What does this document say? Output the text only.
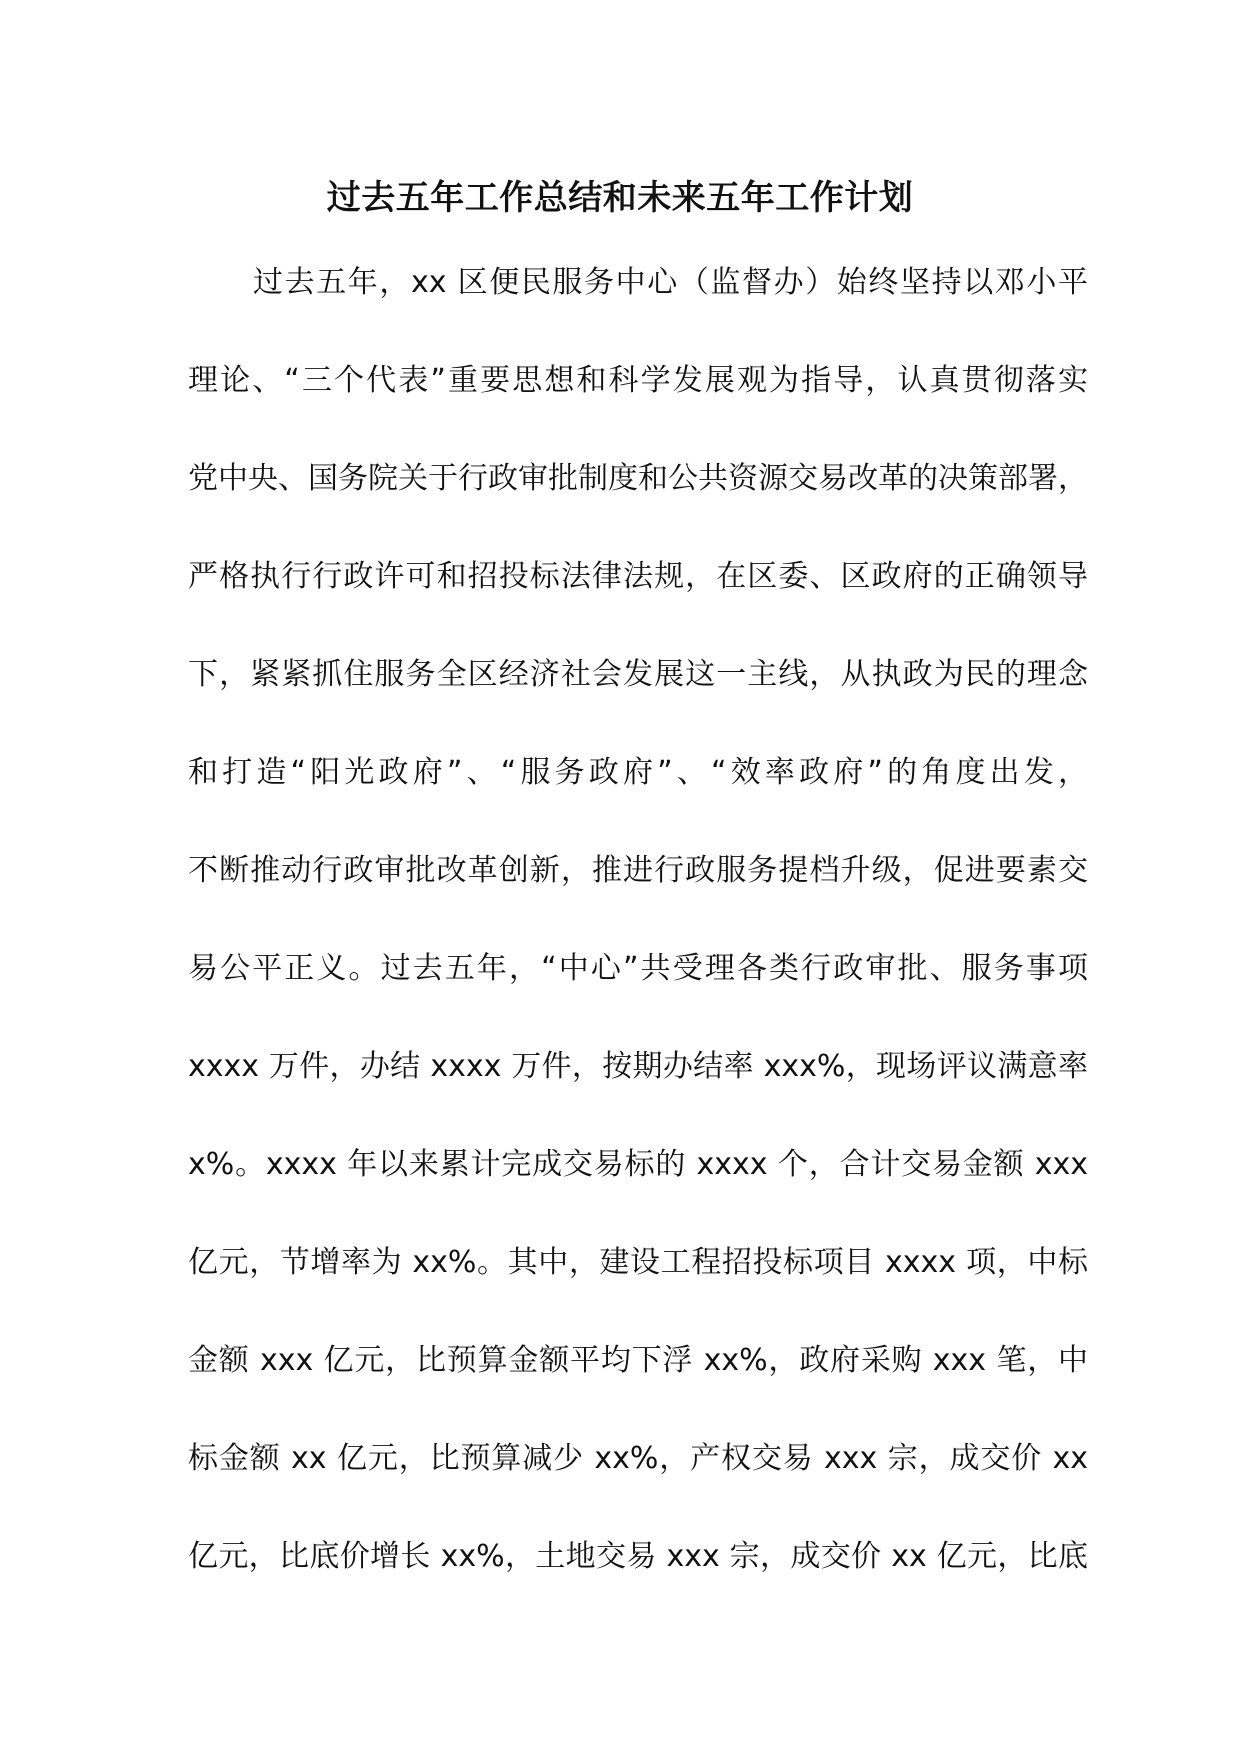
过去五年工作总结和未来五年工作计划
过去五年，xx 区便民服务中心（监督办）始终坚持以邓小平
理论、“三个代表”重要思想和科学发展观为指导，认真贯彻落实
党中央、国务院关于行政审批制度和公共资源交易改革的决策部署，
严格执行行政许可和招投标法律法规，在区委、区政府的正确领导
下，紧紧抓住服务全区经济社会发展这一主线，从执政为民的理念
和打造“阳光政府”、“服务政府”、“效率政府”的角度出发，
不断推动行政审批改革创新，推进行政服务提档升级，促进要素交
易公平正义。过去五年，“中心”共受理各类行政审批、服务事项
xxxx 万件，办结 xxxx 万件，按期办结率 xxx%，现场评议满意率
x%。xxxx 年以来累计完成交易标的 xxxx 个，合计交易金额 xxx
亿元，节增率为 xx%。其中，建设工程招投标项目 xxxx 项，中标
金额 xxx 亿元，比预算金额平均下浮 xx%，政府采购 xxx 笔，中
标金额 xx 亿元，比预算减少 xx%，产权交易 xxx 宗，成交价 xx
亿元，比底价增长 xx%，土地交易 xxx 宗，成交价 xx 亿元，比底
